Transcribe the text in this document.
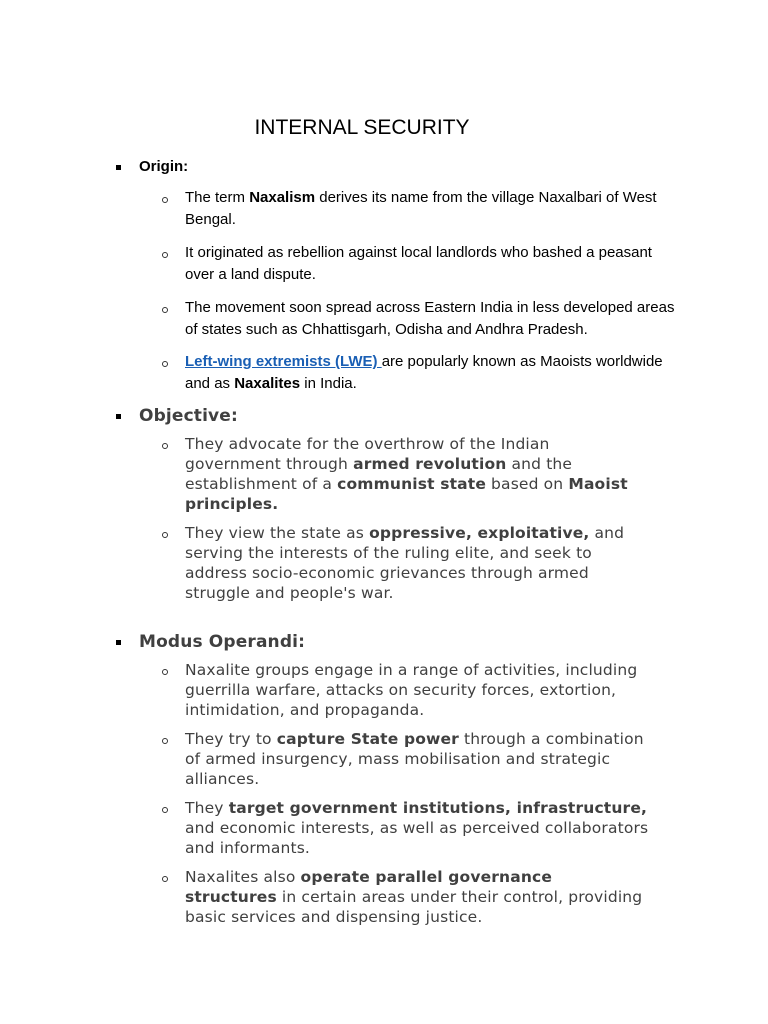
INTERNAL SECURITY
Origin:

The term Naxalism derives its name from the village Naxalbari of West Bengal.

It originated as rebellion against local landlords who bashed a peasant over a land dispute.

The movement soon spread across Eastern India in less developed areas of states such as Chhattisgarh, Odisha and Andhra Pradesh.

Left-wing extremists (LWE) are popularly known as Maoists worldwide and as Naxalites in India.

Objective:

They advocate for the overthrow of the Indian government through armed revolution and the establishment of a communist state based on Maoist principles.

They view the state as oppressive, exploitative, and serving the interests of the ruling elite, and seek to address socio-economic grievances through armed struggle and people's war.

Modus Operandi:

Naxalite groups engage in a range of activities, including guerrilla warfare, attacks on security forces, extortion, intimidation, and propaganda.

They try to capture State power through a combination of armed insurgency, mass mobilisation and strategic alliances.

They target government institutions, infrastructure, and economic interests, as well as perceived collaborators and informants.

Naxalites also operate parallel governance structures in certain areas under their control, providing basic services and dispensing justice.
